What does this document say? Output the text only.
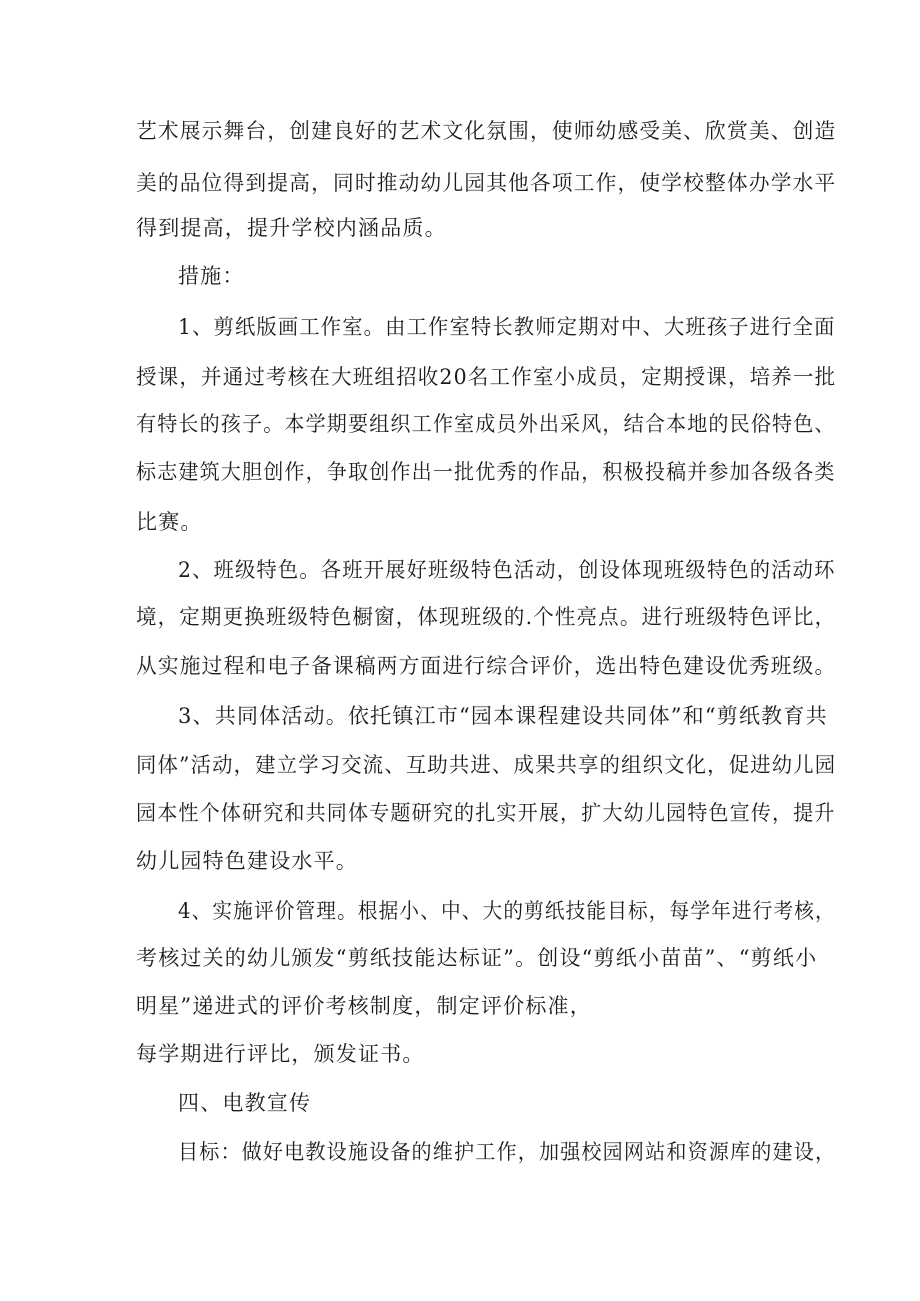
艺术展示舞台，创建良好的艺术文化氛围，使师幼感受美、欣赏美、创造
美的品位得到提高，同时推动幼儿园其他各项工作，使学校整体办学水平
得到提高，提升学校内涵品质。
措施：
1、剪纸版画工作室。由工作室特长教师定期对中、大班孩子进行全面
授课，并通过考核在大班组招收20名工作室小成员，定期授课，培养一批
有特长的孩子。本学期要组织工作室成员外出采风，结合本地的民俗特色、
标志建筑大胆创作，争取创作出一批优秀的作品，积极投稿并参加各级各类
比赛。
2、班级特色。各班开展好班级特色活动，创设体现班级特色的活动环
境，定期更换班级特色橱窗，体现班级的.个性亮点。进行班级特色评比，
从实施过程和电子备课稿两方面进行综合评价，选出特色建设优秀班级。
3、共同体活动。依托镇江市“园本课程建设共同体”和“剪纸教育共
同体”活动，建立学习交流、互助共进、成果共享的组织文化，促进幼儿园
园本性个体研究和共同体专题研究的扎实开展，扩大幼儿园特色宣传，提升
幼儿园特色建设水平。
4、实施评价管理。根据小、中、大的剪纸技能目标，每学年进行考核，
考核过关的幼儿颁发“剪纸技能达标证”。创设“剪纸小苗苗”、“剪纸小
明星”递进式的评价考核制度，制定评价标准，
每学期进行评比，颁发证书。
四、电教宣传
目标：做好电教设施设备的维护工作，加强校园网站和资源库的建设，
